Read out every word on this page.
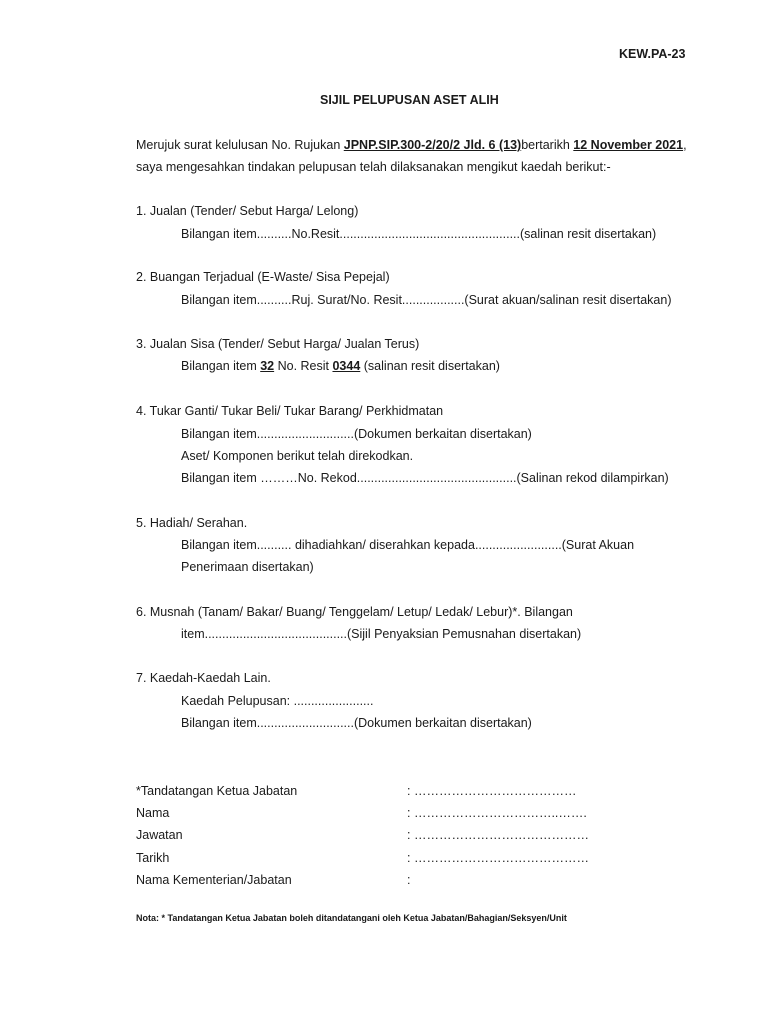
KEW.PA-23
SIJIL PELUPUSAN ASET ALIH
Merujuk surat kelulusan No. Rujukan JPNP.SIP.300-2/20/2 Jld. 6 (13)bertarikh 12 November 2021,
saya mengesahkan tindakan pelupusan telah dilaksanakan mengikut kaedah berikut:-
1. Jualan (Tender/ Sebut Harga/ Lelong)
Bilangan item..........No.Resit....................................................(salinan resit disertakan)
2. Buangan Terjadual (E-Waste/ Sisa Pepejal)
Bilangan item..........Ruj. Surat/No. Resit..................(Surat akuan/salinan resit disertakan)
3. Jualan Sisa (Tender/ Sebut Harga/ Jualan Terus)
Bilangan item 32 No. Resit 0344 (salinan resit disertakan)
4. Tukar Ganti/ Tukar Beli/ Tukar Barang/ Perkhidmatan
Bilangan item............................(Dokumen berkaitan disertakan)
Aset/ Komponen berikut telah direkodkan.
Bilangan item ………No. Rekod..............................................(Salinan rekod dilampirkan)
5. Hadiah/ Serahan.
Bilangan item.......... dihadiahkan/ diserahkan kepada.........................(Surat Akuan
Penerimaan disertakan)
6. Musnah (Tanam/ Bakar/ Buang/ Tenggelam/ Letup/ Ledak/ Lebur)*. Bilangan
item.........................................(Sijil Penyaksian Pemusnahan disertakan)
7. Kaedah-Kaedah Lain.
Kaedah Pelupusan: .......................
Bilangan item............................(Dokumen berkaitan disertakan)
*Tandatangan Ketua Jabatan	: …………………………………
Nama	: ……………………………..…….
Jawatan	: ……………………………………
Tarikh	: ……………………………………
Nama Kementerian/Jabatan	:
Nota: * Tandatangan Ketua Jabatan boleh ditandatangani oleh Ketua Jabatan/Bahagian/Seksyen/Unit
